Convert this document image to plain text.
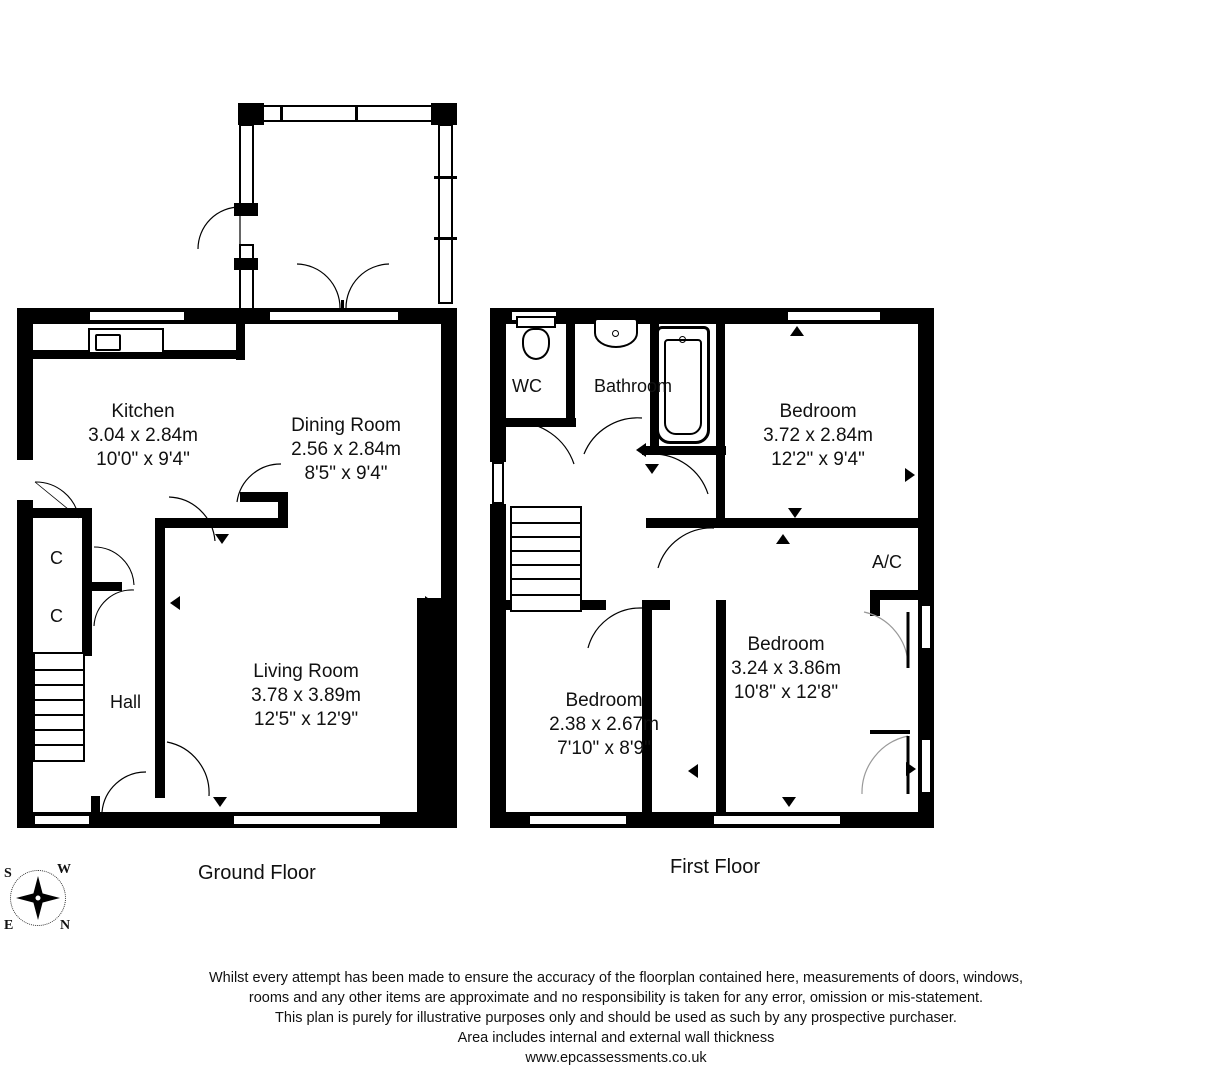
Kitchen
3.04 x 2.84m
10'0" x 9'4"
Dining Room
2.56 x 2.84m
8'5" x 9'4"
Living Room
3.78 x 3.89m
12'5" x 12'9"
Hall
C
C
Ground Floor
WC	Bathroom
A/C
Bedroom
3.72 x 2.84m
12'2" x 9'4"
Bedroom
3.24 x 3.86m
10'8" x 12'8"
Bedroom
2.38 x 2.67m
7'10" x 8'9"
First Floor
W
S
E	N
Whilst every attempt has been made to ensure the accuracy of the floorplan contained here, measurements of doors, windows,
rooms and any other items are approximate and no responsibility is taken for any error, omission or mis-statement.
This plan is purely for illustrative purposes only and should be used as such by any prospective purchaser.
Area includes internal and external wall thickness
www.epcassessments.co.uk
